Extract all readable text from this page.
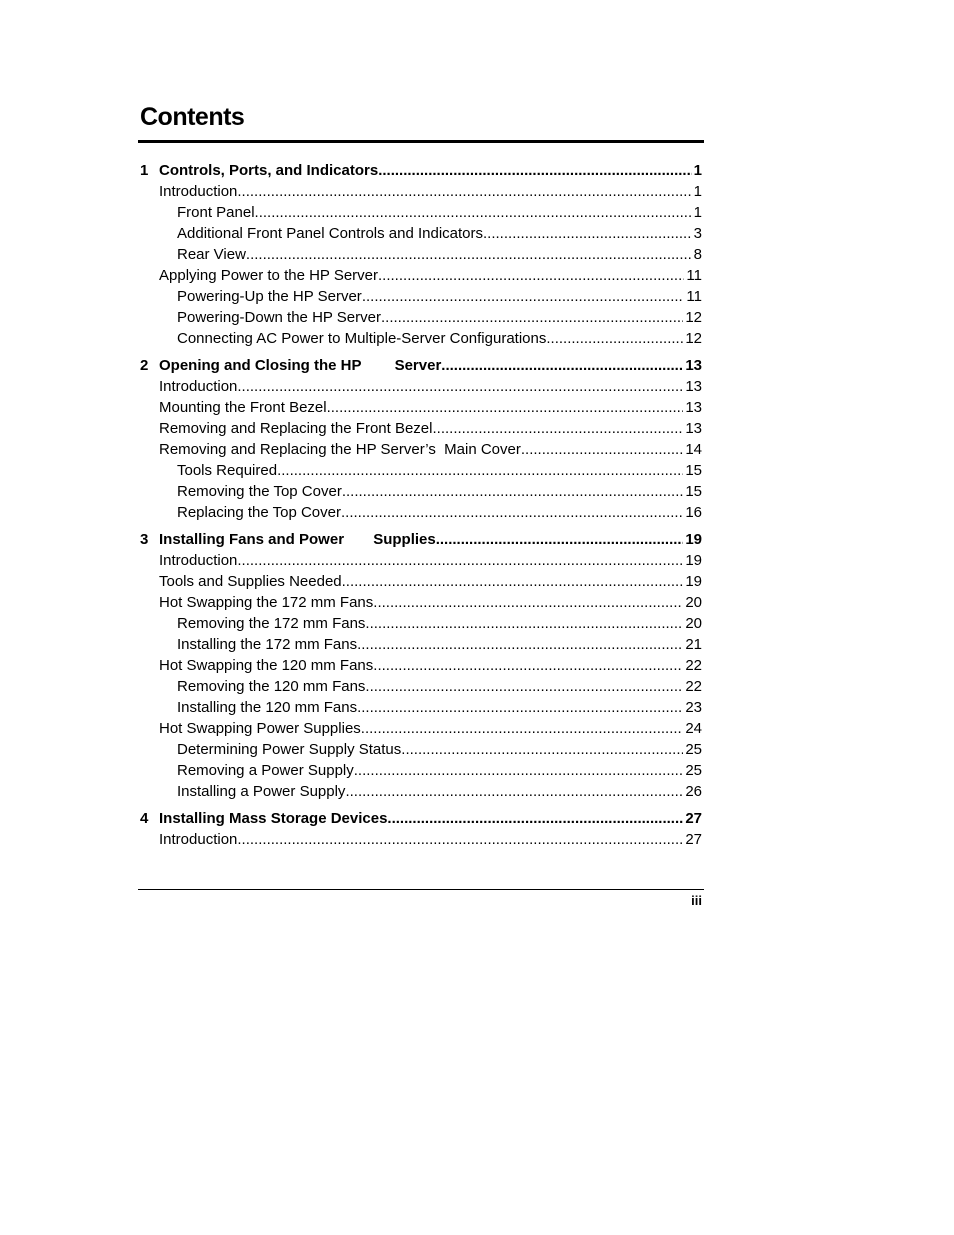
Contents
1 Controls, Ports, and Indicators .....	1
Introduction .....	1
Front Panel .....	1
Additional Front Panel Controls and Indicators .....	3
Rear View .....	8
Applying Power to the HP Server .....	11
Powering-Up the HP Server .....	11
Powering-Down the HP Server .....	12
Connecting AC Power to Multiple-Server Configurations .....	12
2 Opening and Closing the HP        Server .....	13
Introduction .....	13
Mounting the Front Bezel .....	13
Removing and Replacing the Front Bezel .....	13
Removing and Replacing the HP Server’s  Main Cover .....	14
Tools Required .....	15
Removing the Top Cover .....	15
Replacing the Top Cover .....	16
3 Installing Fans and Power       Supplies .....	19
Introduction .....	19
Tools and Supplies Needed .....	19
Hot Swapping the 172 mm Fans .....	20
Removing the 172 mm Fans .....	20
Installing the 172 mm Fans .....	21
Hot Swapping the 120 mm Fans .....	22
Removing the 120 mm Fans .....	22
Installing the 120 mm Fans .....	23
Hot Swapping Power Supplies .....	24
Determining Power Supply Status .....	25
Removing a Power Supply .....	25
Installing a Power Supply .....	26
4 Installing Mass Storage Devices .....	27
Introduction .....	27
iii
